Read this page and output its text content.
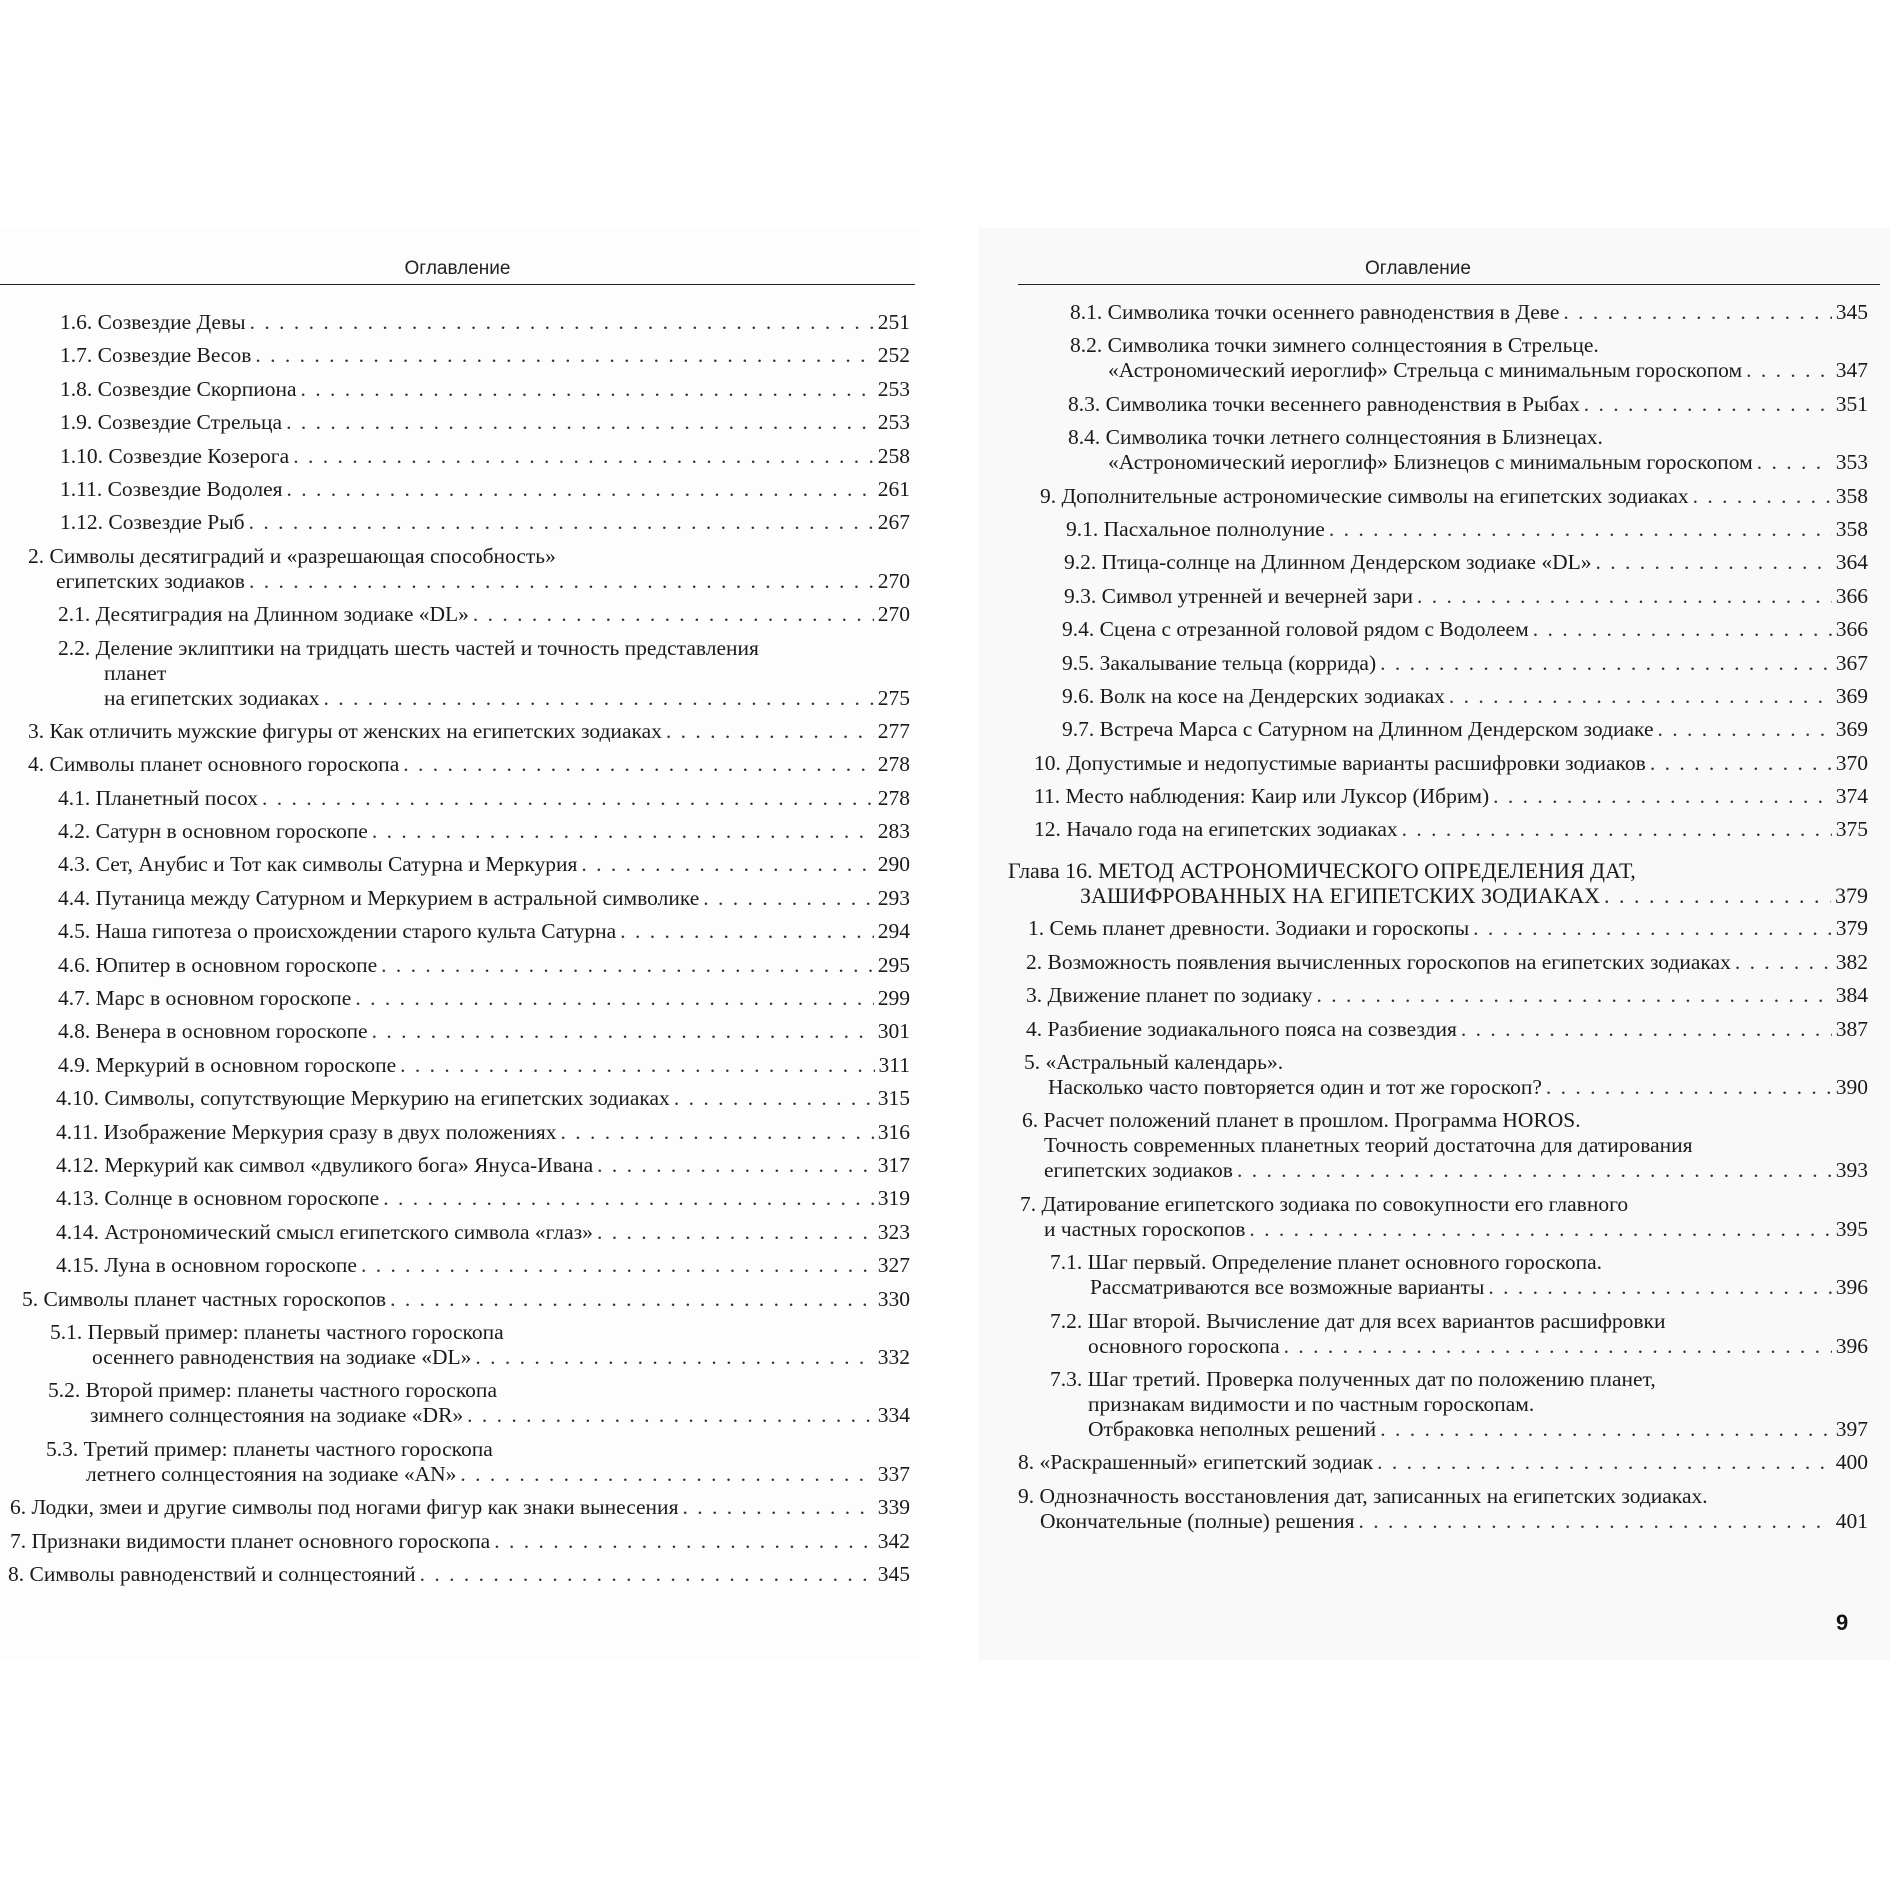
Оглавление
1.6. Созвездие Девы . . .	251
1.7. Созвездие Весов . . .	252
1.8. Созвездие Скорпиона . . .	253
1.9. Созвездие Стрельца . . .	253
1.10. Созвездие Козерога . . .	258
1.11. Созвездие Водолея . . .	261
1.12. Созвездие Рыб . . .	267
2. Символы десятиградий и «разрешающая способность»
египетских зодиаков . . .	270
2.1. Десятиградия на Длинном зодиаке «DL» . . .	270
2.2. Деление эклиптики на тридцать шесть частей и точность представления
планет
на египетских зодиаках . . .	275
3. Как отличить мужские фигуры от женских на египетских зодиаках . . .	277
4. Символы планет основного гороскопа . . .	278
4.1. Планетный посох . . .	278
4.2. Сатурн в основном гороскопе . . .	283
4.3. Сет, Анубис и Тот как символы Сатурна и Меркурия . . .	290
4.4. Путаница между Сатурном и Меркурием в астральной символике . . .	293
4.5. Наша гипотеза о происхождении старого культа Сатурна . . .	294
4.6. Юпитер в основном гороскопе . . .	295
4.7. Марс в основном гороскопе . . .	299
4.8. Венера в основном гороскопе . . .	301
4.9. Меркурий в основном гороскопе . . .	311
4.10. Символы, сопутствующие Меркурию на египетских зодиаках . . .	315
4.11. Изображение Меркурия сразу в двух положениях . . .	316
4.12. Меркурий как символ «двуликого бога» Януса-Ивана . . .	317
4.13. Солнце в основном гороскопе . . .	319
4.14. Астрономический смысл египетского символа «глаз» . . .	323
4.15. Луна в основном гороскопе . . .	327
5. Символы планет частных гороскопов . . .	330
5.1. Первый пример: планеты частного гороскопа
осеннего равноденствия на зодиаке «DL» . . .	332
5.2. Второй пример: планеты частного гороскопа
зимнего солнцестояния на зодиаке «DR» . . .	334
5.3. Третий пример: планеты частного гороскопа
летнего солнцестояния на зодиаке «AN» . . .	337
6. Лодки, змеи и другие символы под ногами фигур как знаки вынесения . . .	339
7. Признаки видимости планет основного гороскопа . . .	342
8. Символы равноденствий и солнцестояний . . .	345
Оглавление
8.1. Символика точки осеннего равноденствия в Деве . . .	345
8.2. Символика точки зимнего солнцестояния в Стрельце.
«Астрономический иероглиф» Стрельца с минимальным гороскопом . . .	347
8.3. Символика точки весеннего равноденствия в Рыбах . . .	351
8.4. Символика точки летнего солнцестояния в Близнецах.
«Астрономический иероглиф» Близнецов с минимальным гороскопом . . .	353
9. Дополнительные астрономические символы на египетских зодиаках . . .	358
9.1. Пасхальное полнолуние . . .	358
9.2. Птица-солнце на Длинном Дендерском зодиаке «DL» . . .	364
9.3. Символ утренней и вечерней зари . . .	366
9.4. Сцена с отрезанной головой рядом с Водолеем . . .	366
9.5. Закалывание тельца (коррида) . . .	367
9.6. Волк на косе на Дендерских зодиаках . . .	369
9.7. Встреча Марса с Сатурном на Длинном Дендерском зодиаке . . .	369
10. Допустимые и недопустимые варианты расшифровки зодиаков . . .	370
11. Место наблюдения: Каир или Луксор (Ибрим) . . .	374
12. Начало года на египетских зодиаках . . .	375
Глава 16. МЕТОД АСТРОНОМИЧЕСКОГО ОПРЕДЕЛЕНИЯ ДАТ,
ЗАШИФРОВАННЫХ НА ЕГИПЕТСКИХ ЗОДИАКАХ . . .	379
1. Семь планет древности. Зодиаки и гороскопы . . .	379
2. Возможность появления вычисленных гороскопов на египетских зодиаках . . .	382
3. Движение планет по зодиаку . . .	384
4. Разбиение зодиакального пояса на созвездия . . .	387
5. «Астральный календарь».
Насколько часто повторяется один и тот же гороскоп? . . .	390
6. Расчет положений планет в прошлом. Программа HOROS.
Точность современных планетных теорий достаточна для датирования
египетских зодиаков . . .	393
7. Датирование египетского зодиака по совокупности его главного
и частных гороскопов . . .	395
7.1. Шаг первый. Определение планет основного гороскопа.
Рассматриваются все возможные варианты . . .	396
7.2. Шаг второй. Вычисление дат для всех вариантов расшифровки
основного гороскопа . . .	396
7.3. Шаг третий. Проверка полученных дат по положению планет,
признакам видимости и по частным гороскопам.
Отбраковка неполных решений . . .	397
8. «Раскрашенный» египетский зодиак . . .	400
9. Однозначность восстановления дат, записанных на египетских зодиаках.
Окончательные (полные) решения . . .	401
9
